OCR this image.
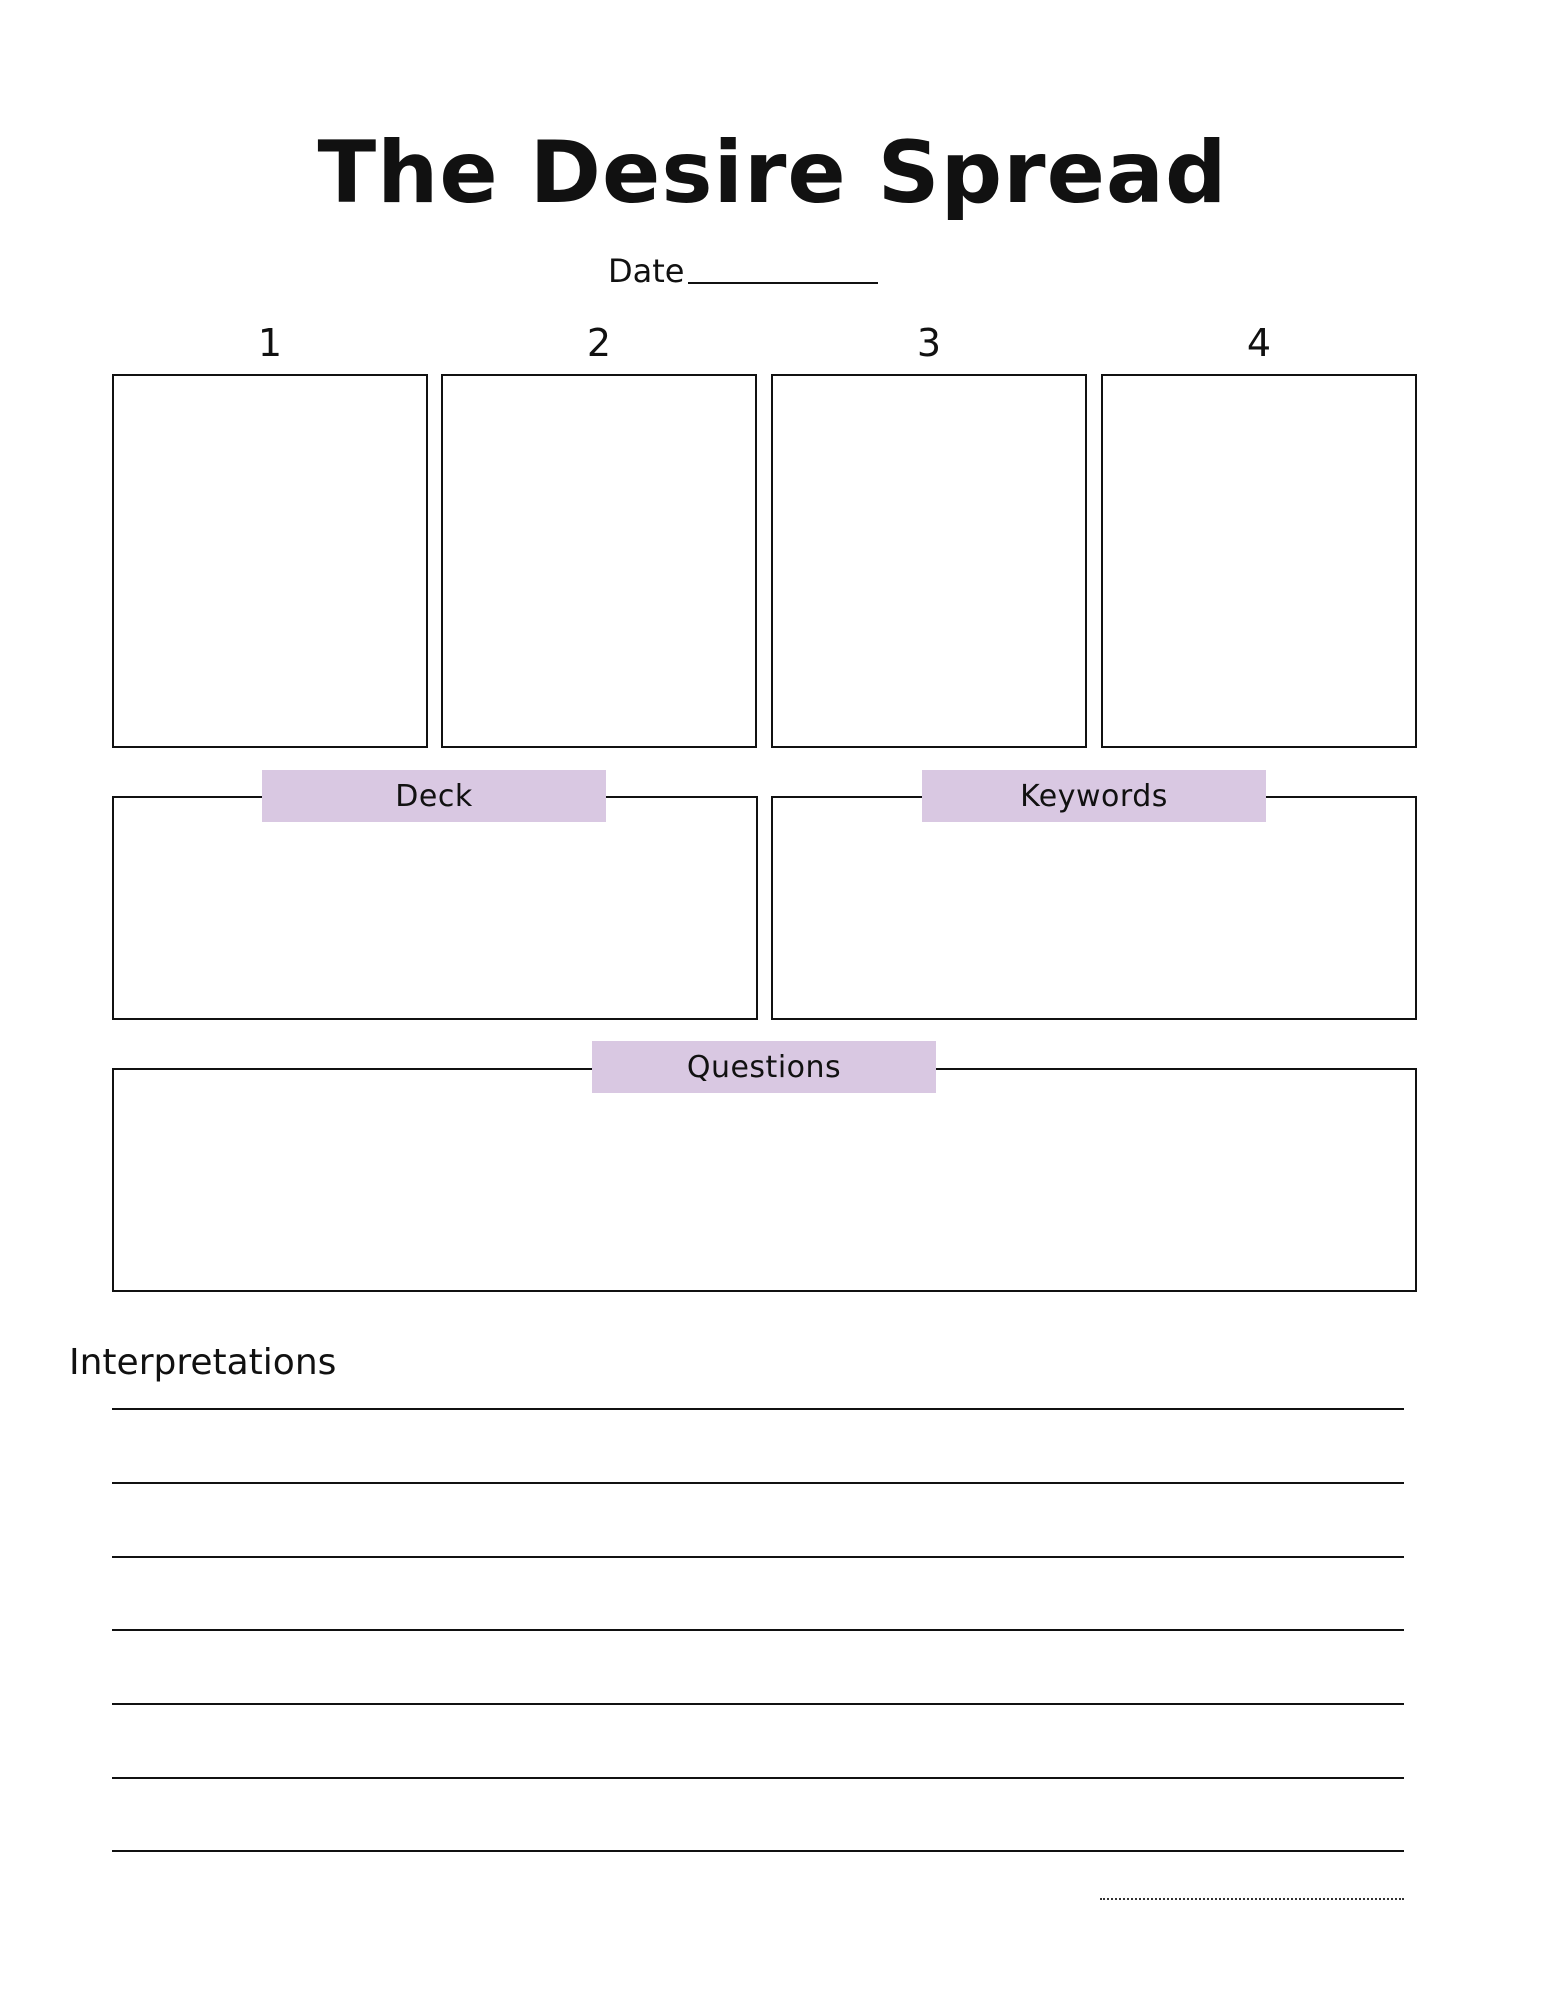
The Desire Spread
Date
1	2	3	4
Deck	Keywords
Questions
Interpretations
